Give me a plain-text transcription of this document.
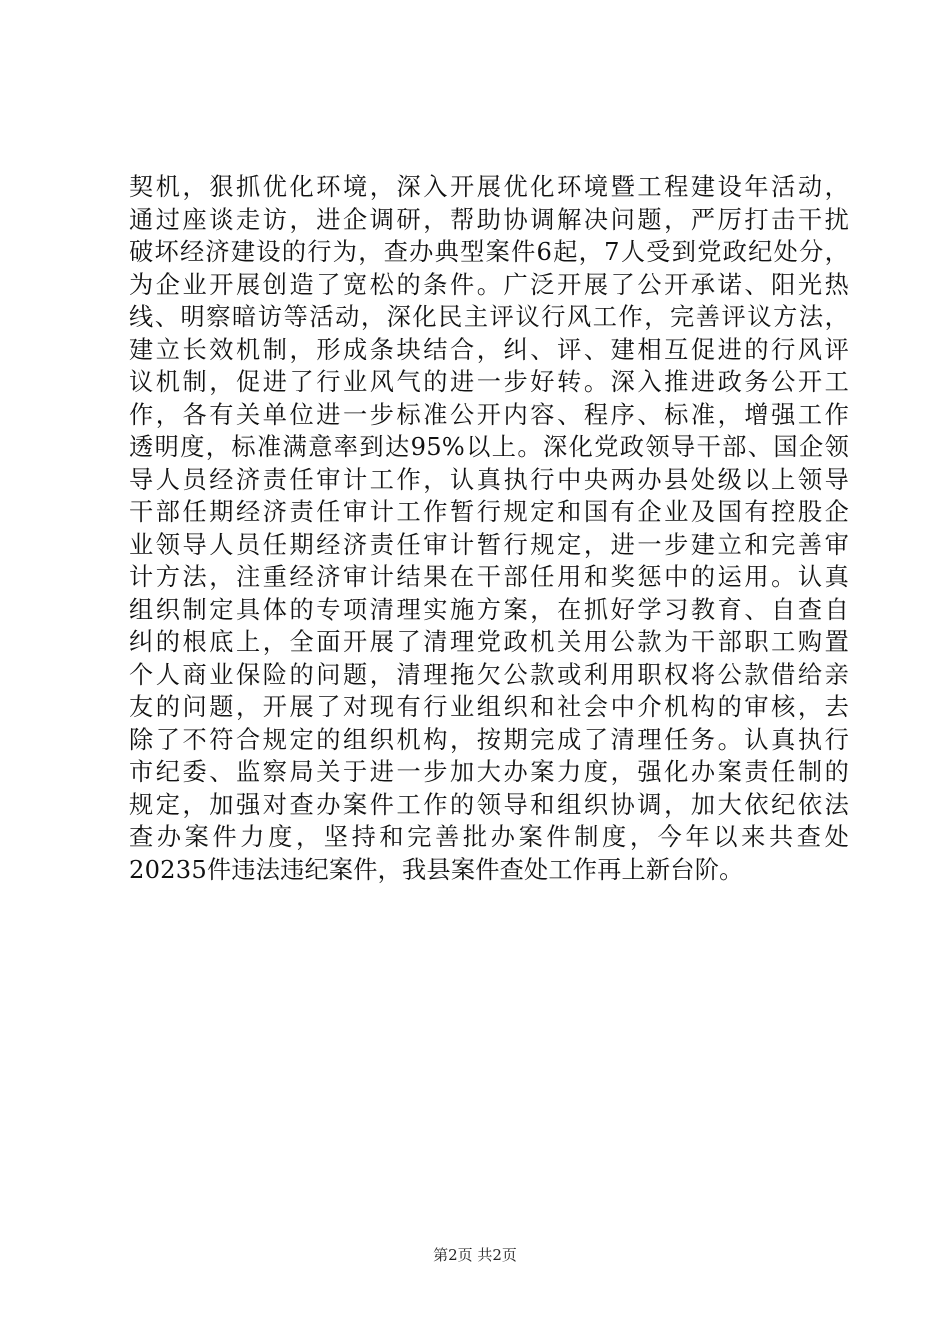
契机，狠抓优化环境，深入开展优化环境暨工程建设年活动，
通过座谈走访，进企调研，帮助协调解决问题，严厉打击干扰
破坏经济建设的行为，查办典型案件6起，7人受到党政纪处分，
为企业开展创造了宽松的条件。广泛开展了公开承诺、阳光热
线、明察暗访等活动，深化民主评议行风工作，完善评议方法，
建立长效机制，形成条块结合，纠、评、建相互促进的行风评
议机制，促进了行业风气的进一步好转。深入推进政务公开工
作，各有关单位进一步标准公开内容、程序、标准，增强工作
透明度，标准满意率到达95%以上。深化党政领导干部、国企领
导人员经济责任审计工作，认真执行中央两办县处级以上领导
干部任期经济责任审计工作暂行规定和国有企业及国有控股企
业领导人员任期经济责任审计暂行规定，进一步建立和完善审
计方法，注重经济审计结果在干部任用和奖惩中的运用。认真
组织制定具体的专项清理实施方案，在抓好学习教育、自查自
纠的根底上，全面开展了清理党政机关用公款为干部职工购置
个人商业保险的问题，清理拖欠公款或利用职权将公款借给亲
友的问题，开展了对现有行业组织和社会中介机构的审核，去
除了不符合规定的组织机构，按期完成了清理任务。认真执行
市纪委、监察局关于进一步加大办案力度，强化办案责任制的
规定，加强对查办案件工作的领导和组织协调，加大依纪依法
查办案件力度，坚持和完善批办案件制度，今年以来共查处
20235件违法违纪案件，我县案件查处工作再上新台阶。
第2页 共2页
